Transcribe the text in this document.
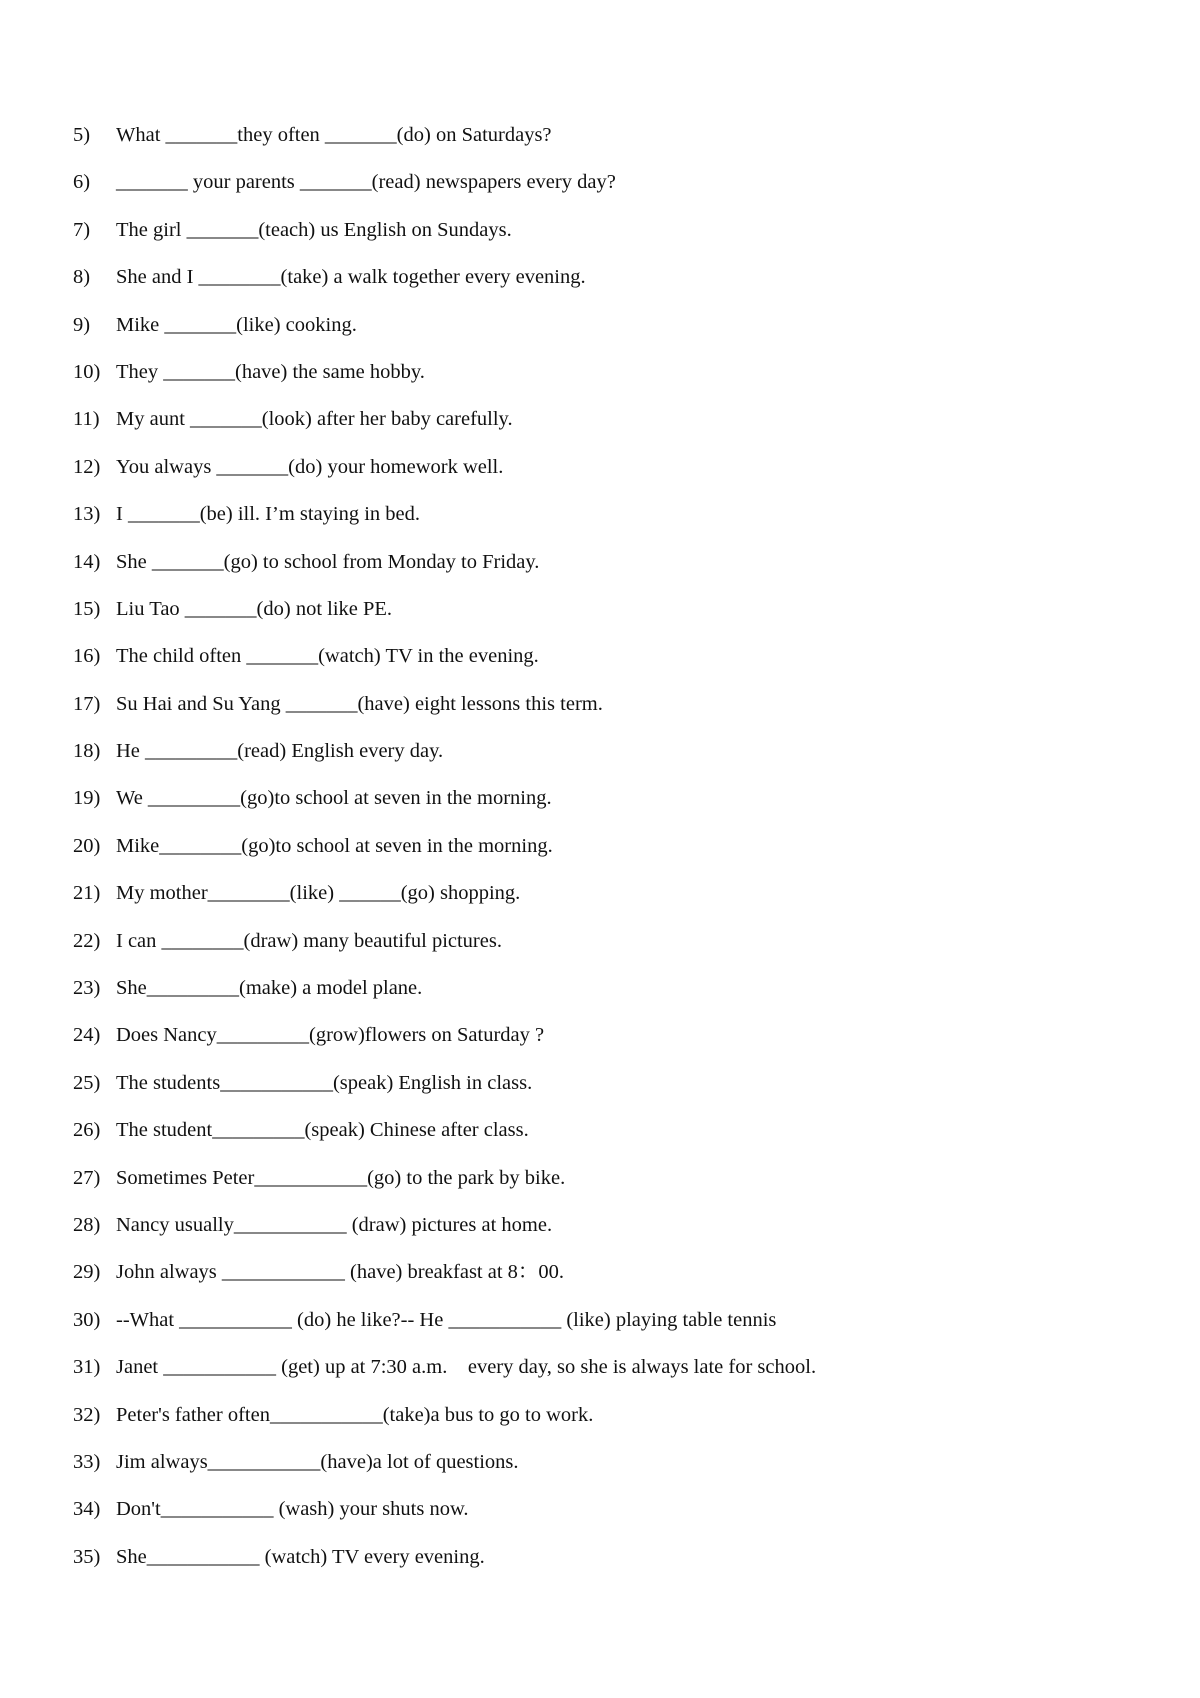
5) What _______they often _______(do) on Saturdays?
6) _______ your parents _______(read) newspapers every day?
7) The girl _______(teach) us English on Sundays.
8) She and I ________(take) a walk together every evening.
9) Mike _______(like) cooking.
10) They _______(have) the same hobby.
11) My aunt _______(look) after her baby carefully.
12) You always _______(do) your homework well.
13) I _______(be) ill. I’m staying in bed.
14) She _______(go) to school from Monday to Friday.
15) Liu Tao _______(do) not like PE.
16) The child often _______(watch) TV in the evening.
17) Su Hai and Su Yang _______(have) eight lessons this term.
18) He _________(read) English every day.
19) We _________(go)to school at seven in the morning.
20) Mike________(go)to school at seven in the morning.
21) My mother________(like) ______(go) shopping.
22) I can ________(draw) many beautiful pictures.
23) She_________(make) a model plane.
24) Does Nancy_________(grow)flowers on Saturday ?
25) The students___________(speak) English in class.
26) The student_________(speak) Chinese after class.
27) Sometimes Peter___________(go) to the park by bike.
28) Nancy usually___________ (draw) pictures at home.
29) John always ____________ (have) breakfast at 8：00.
30) --What ___________ (do) he like?-- He ___________ (like) playing table tennis
31) Janet ___________ (get) up at 7:30 a.m.    every day, so she is always late for school.
32) Peter's father often___________(take)a bus to go to work.
33) Jim always___________(have)a lot of questions.
34) Don't___________ (wash) your shuts now.
35) She___________ (watch) TV every evening.
